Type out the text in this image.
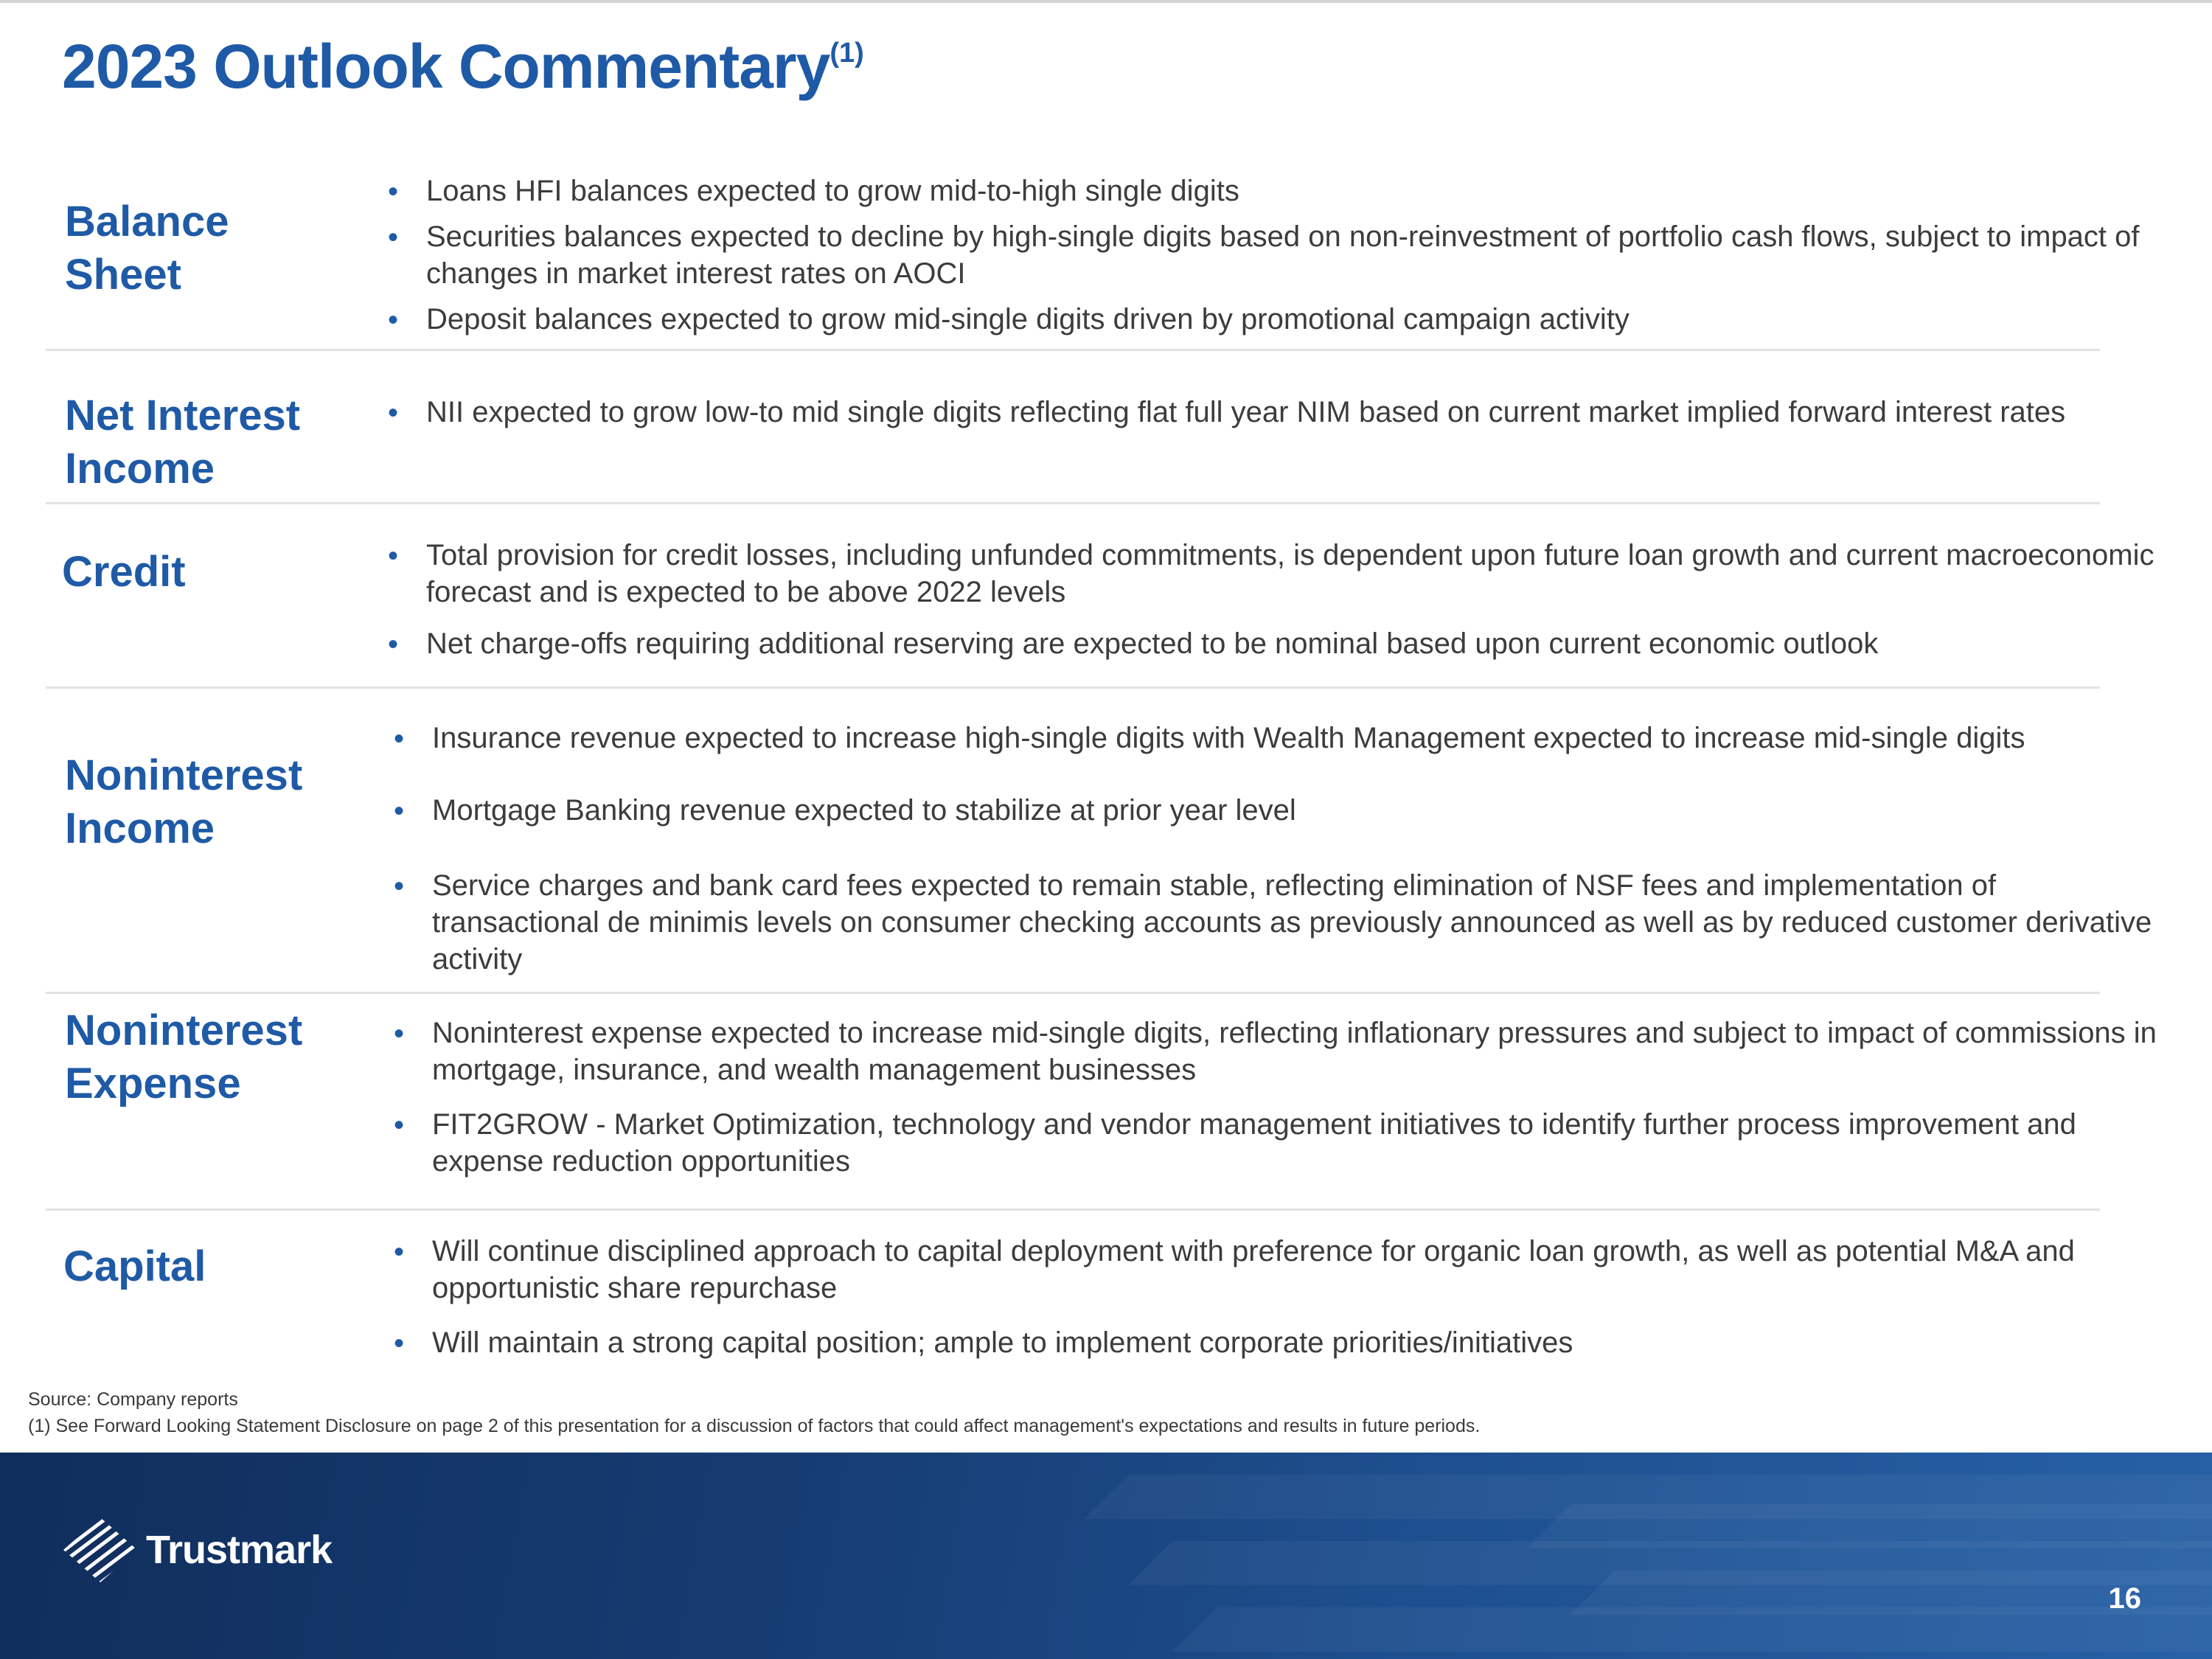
2023 Outlook Commentary$^{(1)}$
Balance
Sheet
• Loans HFI balances expected to grow mid-to-high single digits
• Securities balances expected to decline by high-single digits based on non-reinvestment of portfolio cash flows, subject to impact of changes in market interest rates on AOCI
• Deposit balances expected to grow mid-single digits driven by promotional campaign activity
Net Interest
Income
• NII expected to grow low-to mid single digits reflecting flat full year NIM based on current market implied forward interest rates
Credit	• Total provision for credit losses, including unfunded commitments, is dependent upon future loan growth and current macroeconomic forecast and is expected to be above 2022 levels
• Net charge-offs requiring additional reserving are expected to be nominal based upon current economic outlook
Noninterest
Income
• Insurance revenue expected to increase high-single digits with Wealth Management expected to increase mid-single digits
• Mortgage Banking revenue expected to stabilize at prior year level
• Service charges and bank card fees expected to remain stable, reflecting elimination of NSF fees and implementation of transactional de minimis levels on consumer checking accounts as previously announced as well as by reduced customer derivative activity
Noninterest
Expense
• Noninterest expense expected to increase mid-single digits, reflecting inflationary pressures and subject to impact of commissions in mortgage, insurance, and wealth management businesses
• FIT2GROW - Market Optimization, technology and vendor management initiatives to identify further process improvement and expense reduction opportunities
Capital	• Will continue disciplined approach to capital deployment with preference for organic loan growth, as well as potential M&A and opportunistic share repurchase
• Will maintain a strong capital position; ample to implement corporate priorities/initiatives
Source: Company reports
(1) See Forward Looking Statement Disclosure on page 2 of this presentation for a discussion of factors that could affect management's expectations and results in future periods.
Trustmark
16
